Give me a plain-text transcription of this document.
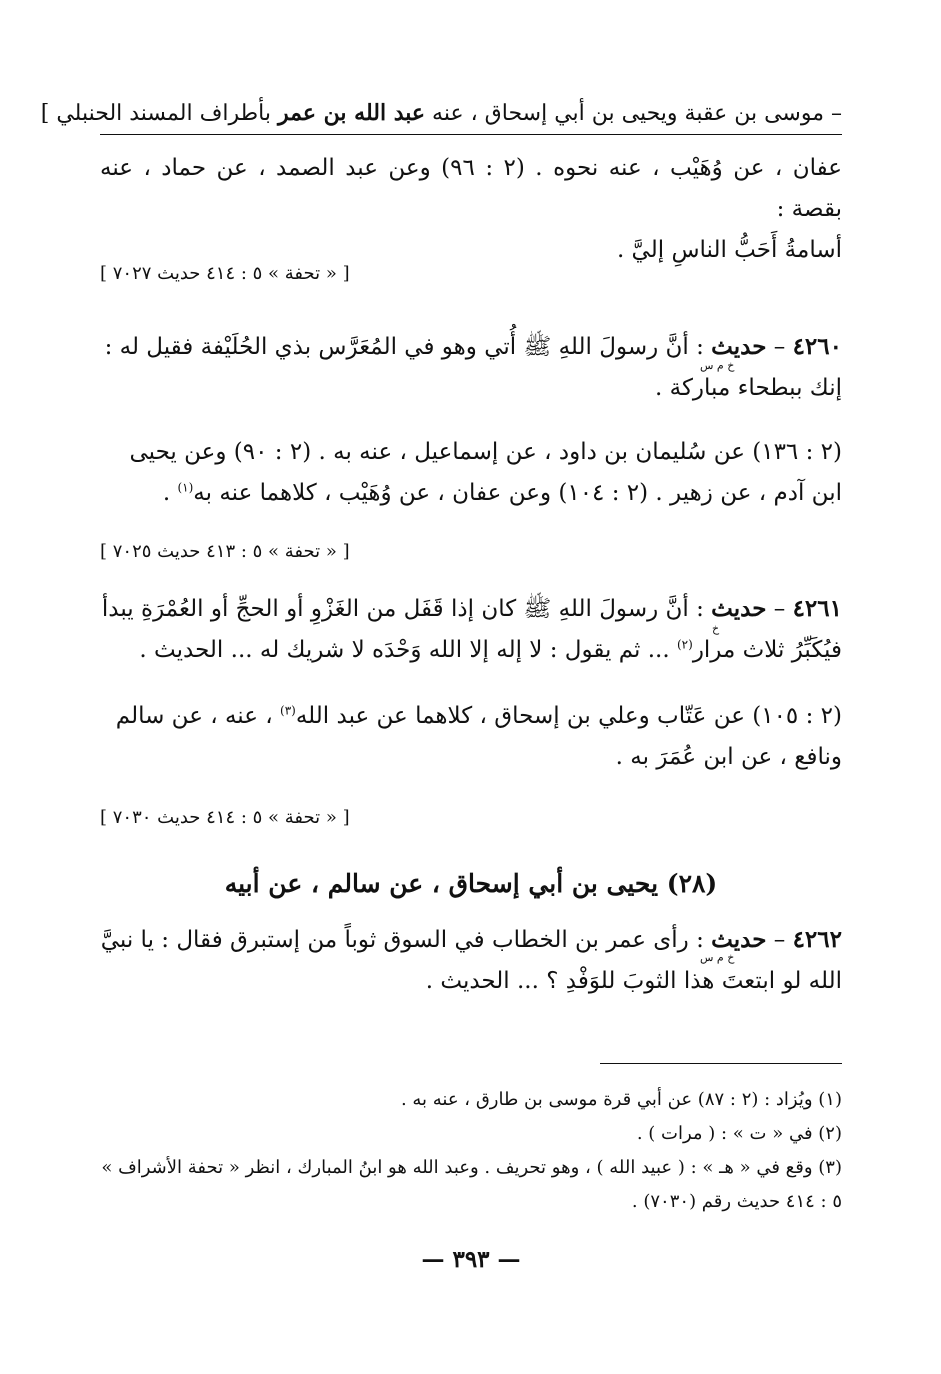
– موسى بن عقبة ويحيى بن أبي إسحاق ، عنه عبد الله بن عمر بأطراف المسند الحنبلي ]
عفان ، عن وُهَيْب ، عنه نحوه . (٢ : ٩٦) وعن عبد الصمد ، عن حماد ، عنه بقصة :
أسامةُ أَحَبُّ الناسِ إليَّ .
[ « تحفة » ٥ : ٤١٤ حديث ٧٠٢٧ ]
٤٢٦٠ – حديث : أنَّ رسولَ اللهِ ﷺ أُتي وهو في المُعَرَّس بذي الحُلَيْفة فقيل له :
إنك ببطحاء مباركة .
خ م س
(٢ : ١٣٦) عن سُليمان بن داود ، عن إسماعيل ، عنه به . (٢ : ٩٠) وعن يحيى
ابن آدم ، عن زهير . (٢ : ١٠٤) وعن عفان ، عن وُهَيْب ، كلاهما عنه به$^{(١)}$ .
[ « تحفة » ٥ : ٤١٣ حديث ٧٠٢٥ ]
٤٢٦١ – حديث : أنَّ رسولَ اللهِ ﷺ كان إذا قَفَل من الغَزْوِ أو الحجِّ أو العُمْرَةِ يبدأ
فيُكَبِّرُ ثلاث مرار$^{(٢)}$ ... ثم يقول : لا إله إلا الله وَحْدَه لا شريك له ... الحديث .
خ
(٢ : ١٠٥) عن عَتّاب وعلي بن إسحاق ، كلاهما عن عبد الله$^{(٣)}$ ، عنه ، عن سالم
ونافع ، عن ابن عُمَرَ به .
[ « تحفة » ٥ : ٤١٤ حديث ٧٠٣٠ ]
(٢٨) يحيى بن أبي إسحاق ، عن سالم ، عن أبيه
٤٢٦٢ – حديث : رأى عمر بن الخطاب في السوق ثوباً من إستبرق فقال : يا نبيَّ
الله لو ابتعتَ هذا الثوبَ للوَفْدِ ؟ ... الحديث .
خ م س
(١) ويُزاد : (٢ : ٨٧) عن أبي قرة موسى بن طارق ، عنه به .
(٢) في « ت » : ( مرات ) .
(٣) وقع في « هـ » : ( عبيد الله ) ، وهو تحريف . وعبد الله هو ابنُ المبارك ، انظر « تحفة الأشراف »
٥ : ٤١٤ حديث رقم (٧٠٣٠) .
— ٣٩٣ —
